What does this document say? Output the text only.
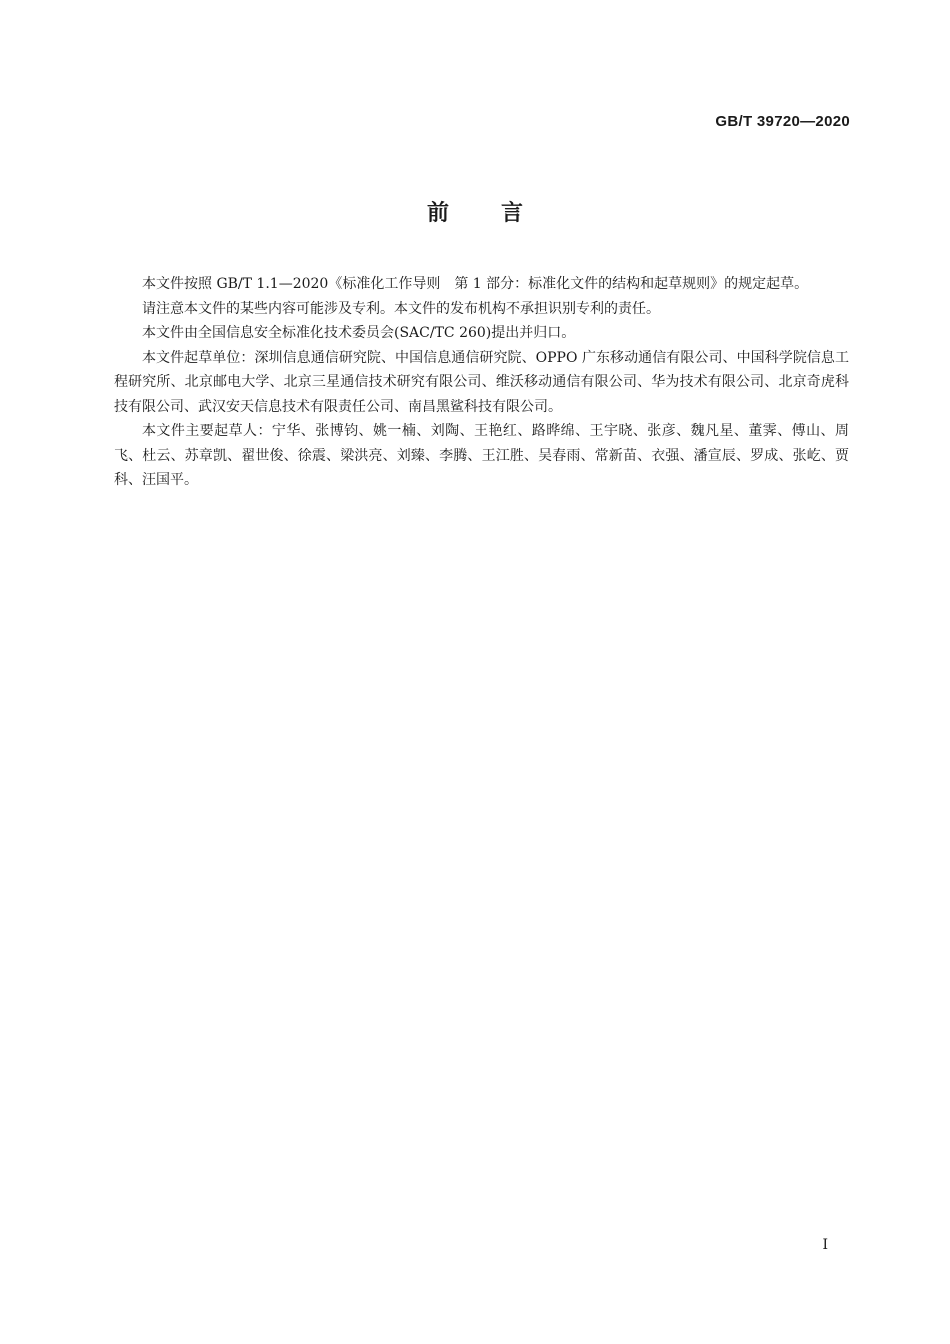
GB/T 39720—2020
前 言

本文件按照 GB/T 1.1—2020《标准化工作导则　第 1 部分：标准化文件的结构和起草规则》的规定起草。

请注意本文件的某些内容可能涉及专利。本文件的发布机构不承担识别专利的责任。

本文件由全国信息安全标准化技术委员会(SAC/TC 260)提出并归口。

本文件起草单位：深圳信息通信研究院、中国信息通信研究院、OPPO 广东移动通信有限公司、中国科学院信息工程研究所、北京邮电大学、北京三星通信技术研究有限公司、维沃移动通信有限公司、华为技术有限公司、北京奇虎科技有限公司、武汉安天信息技术有限责任公司、南昌黑鲨科技有限公司。

本文件主要起草人：宁华、张博钧、姚一楠、刘陶、王艳红、路晔绵、王宇晓、张彦、魏凡星、董霁、傅山、周飞、杜云、苏章凯、翟世俊、徐震、梁洪亮、刘臻、李腾、王江胜、吴春雨、常新苗、衣强、潘宣辰、罗成、张屹、贾科、汪国平。

I
